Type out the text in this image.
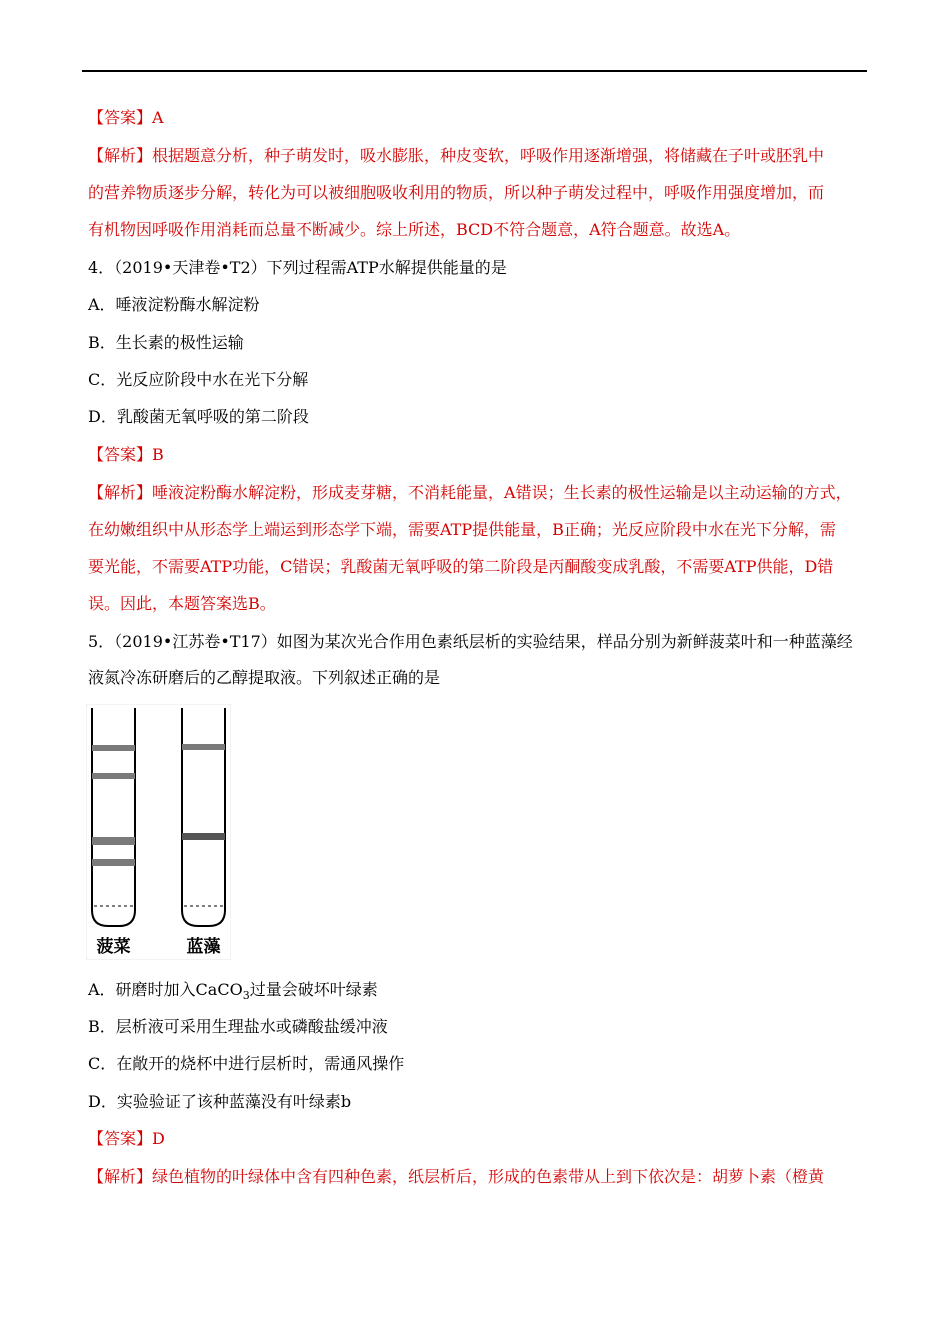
【答案】A
【解析】根据题意分析，种子萌发时，吸水膨胀，种皮变软，呼吸作用逐渐增强，将储藏在子叶或胚乳中
的营养物质逐步分解，转化为可以被细胞吸收利用的物质，所以种子萌发过程中，呼吸作用强度增加，而
有机物因呼吸作用消耗而总量不断减少。综上所述，BCD不符合题意，A符合题意。故选A。
4．（2019•天津卷•T2）下列过程需ATP水解提供能量的是
A．唾液淀粉酶水解淀粉
B．生长素的极性运输
C．光反应阶段中水在光下分解
D．乳酸菌无氧呼吸的第二阶段
【答案】B
【解析】唾液淀粉酶水解淀粉，形成麦芽糖，不消耗能量，A错误；生长素的极性运输是以主动运输的方式，
在幼嫩组织中从形态学上端运到形态学下端，需要ATP提供能量，B正确；光反应阶段中水在光下分解，需
要光能，不需要ATP功能，C错误；乳酸菌无氧呼吸的第二阶段是丙酮酸变成乳酸，不需要ATP供能，D错
误。因此，本题答案选B。
5．（2019•江苏卷•T17）如图为某次光合作用色素纸层析的实验结果，样品分别为新鲜菠菜叶和一种蓝藻经
液氮冷冻研磨后的乙醇提取液。下列叙述正确的是
菠菜	蓝藻
A．研磨时加入CaCO$_3$过量会破坏叶绿素
B．层析液可采用生理盐水或磷酸盐缓冲液
C．在敞开的烧杯中进行层析时，需通风操作
D．实验验证了该种蓝藻没有叶绿素b
【答案】D
【解析】绿色植物的叶绿体中含有四种色素，纸层析后，形成的色素带从上到下依次是：胡萝卜素（橙黄
